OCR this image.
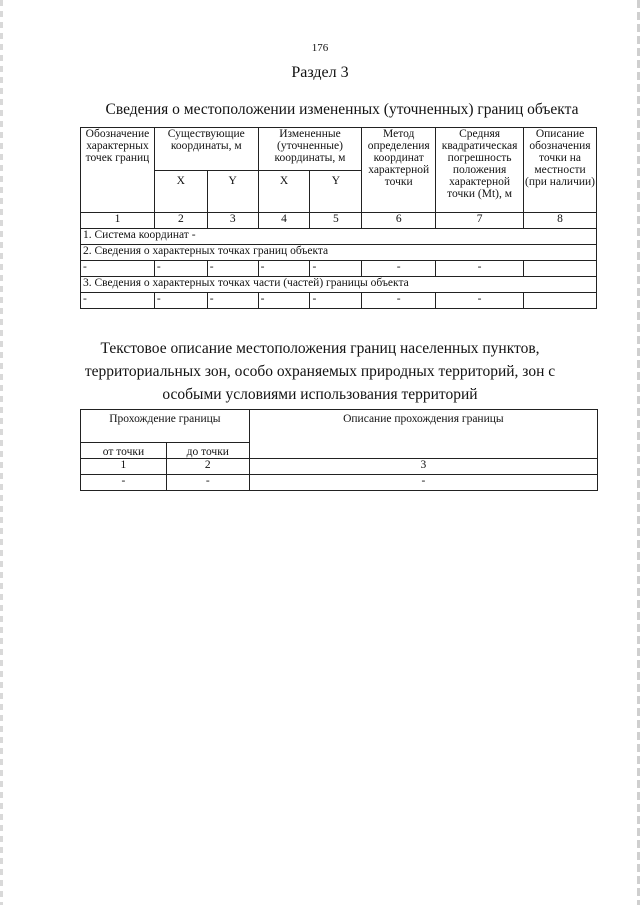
176
Раздел 3
Сведения о местоположении измененных (уточненных) границ объекта
Обозначение характерных точек границ	Существующие координаты, м		Измененные (уточненные) координаты, м		Метод определения координат характерной точки	Средняя квадратическая погрешность положения характерной точки (Mt), м	Описание обозначения точки на местности (при наличии)
	X	Y	X	Y			
1	2	3	4	5	6	7	8
1. Система координат -							
2. Сведения о характерных точках границ объекта							
-	-	-	-	-	-	-	
3. Сведения о характерных точках части (частей) границы объекта							
-	-	-	-	-	-	-	
Текстовое описание местоположения границ населенных пунктов, территориальных зон, особо охраняемых природных территорий, зон с особыми условиями использования территорий
Прохождение границы		Описание прохождения границы
от точки	до точки	
1	2	3
-	-	-
